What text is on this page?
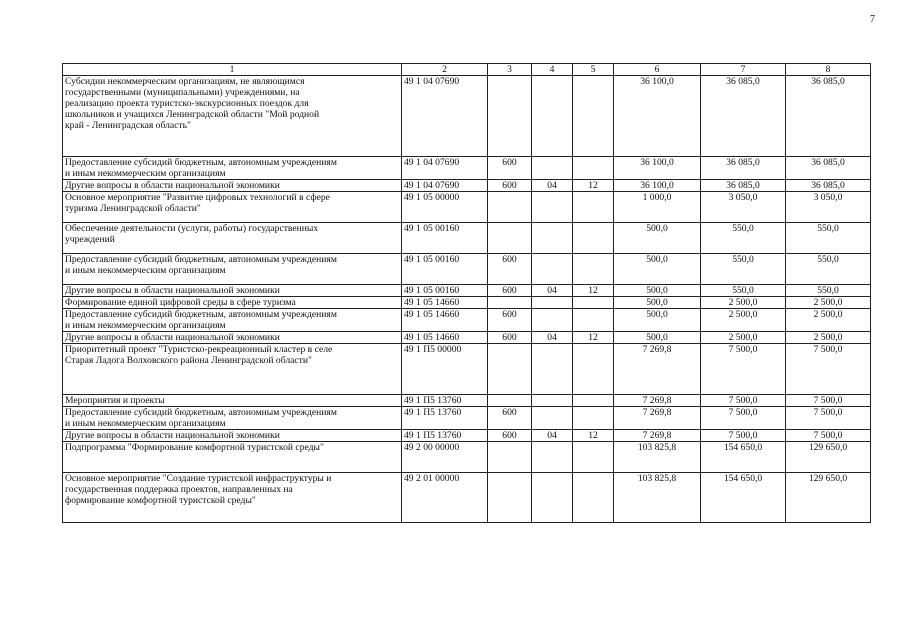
7
1	2	3	4	5	6	7	8
Субсидии некоммерческим организациям, не являющимся
государственными (муниципальными) учреждениями, на
реализацию проекта туристско-экскурсионных поездок для
школьников и учащихся Ленинградской области "Мой родной
край - Ленинградская область"	49 1 04 07690				36 100,0	36 085,0	36 085,0
Предоставление субсидий бюджетным, автономным учреждениям
и иным некоммерческим организациям	49 1 04 07690	600			36 100,0	36 085,0	36 085,0
Другие вопросы в области национальной экономики	49 1 04 07690	600	04	12	36 100,0	36 085,0	36 085,0
Основное мероприятие "Развитие цифровых технологий в сфере
туризма Ленинградской области"	49 1 05 00000				1 000,0	3 050,0	3 050,0
Обеспечение деятельности (услуги, работы) государственных
учреждений	49 1 05 00160				500,0	550,0	550,0
Предоставление субсидий бюджетным, автономным учреждениям
и иным некоммерческим организациям	49 1 05 00160	600			500,0	550,0	550,0
Другие вопросы в области национальной экономики	49 1 05 00160	600	04	12	500,0	550,0	550,0
Формирование единой цифровой среды в сфере туризма	49 1 05 14660				500,0	2 500,0	2 500,0
Предоставление субсидий бюджетным, автономным учреждениям
и иным некоммерческим организациям	49 1 05 14660	600			500,0	2 500,0	2 500,0
Другие вопросы в области национальной экономики	49 1 05 14660	600	04	12	500,0	2 500,0	2 500,0
Приоритетный проект "Туристско-рекреационный кластер в селе
Старая Ладога Волховского района Ленинградской области"	49 1 П5 00000				7 269,8	7 500,0	7 500,0
Мероприятия и проекты	49 1 П5 13760				7 269,8	7 500,0	7 500,0
Предоставление субсидий бюджетным, автономным учреждениям
и иным некоммерческим организациям	49 1 П5 13760	600			7 269,8	7 500,0	7 500,0
Другие вопросы в области национальной экономики	49 1 П5 13760	600	04	12	7 269,8	7 500,0	7 500,0
Подпрограмма "Формирование комфортной туристской среды"	49 2 00 00000				103 825,8	154 650,0	129 650,0
Основное мероприятие "Создание туристской инфраструктуры и
государственная поддержка проектов, направленных на
формирование комфортной туристской среды"	49 2 01 00000				103 825,8	154 650,0	129 650,0
